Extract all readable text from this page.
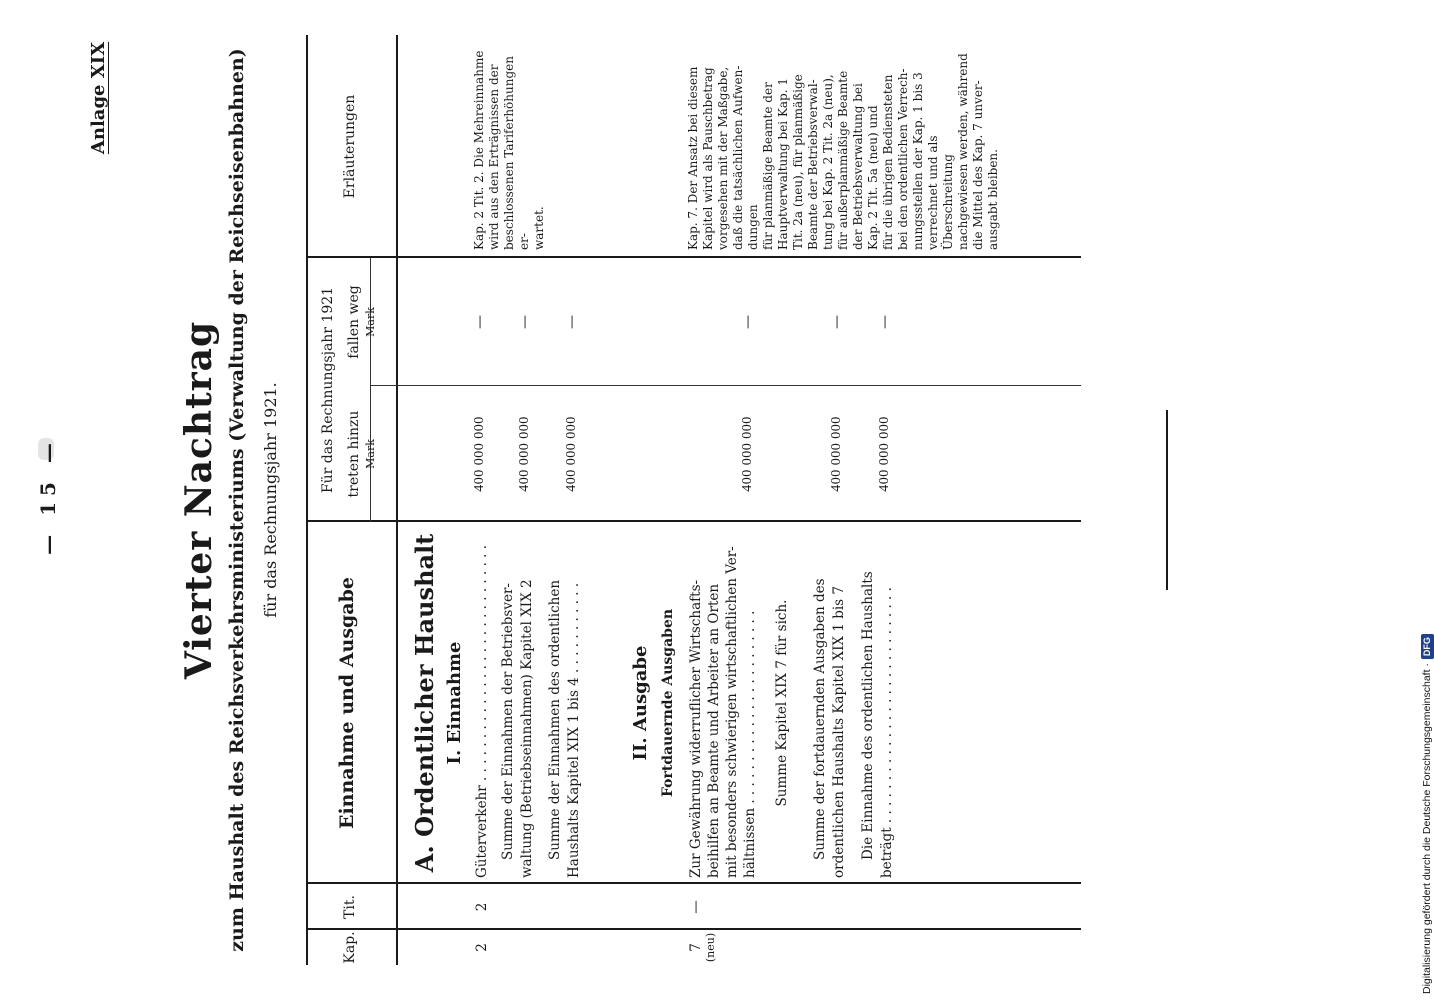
— 15 —
Anlage XIX
Vierter Nachtrag zum Haushalt des Reichsverkehrsministeriums (Verwaltung der Reichseisenbahnen) für das Rechnungsjahr 1921.
Kap.
Tit.
Einnahme und Ausgabe
Für das Rechnungsjahr 1921 treten hinzu Mark
fallen weg Mark
Erläuterungen
A. Ordentlicher Haushalt I. Einnahme
2
2
Güterverkehr . . . . . . . . . . . . . . . . . . . . . . . . . . . .
400 000 000
—
Summe der Einnahmen der Betriebsver- waltung (Betriebseinnahmen) Kapitel XIX 2
400 000 000
—
Summe der Einnahmen des ordentlichen Haushalts Kapitel XIX 1 bis 4 . . . . . . . . . . .
400 000 000
—
II. Ausgabe Fortdauernde Ausgaben
7 (neu)
—
Zur Gewährung widerruflicher Wirtschafts- beihilfen an Beamte und Arbeiter an Orten mit besonders schwierigen wirtschaftlichen Ver- hältnissen . . . . . . . . . . . . . . . . . . . . . . .
400 000 000
—
Summe Kapitel XIX 7 für sich. Summe der fortdauernden Ausgaben des ordentlichen Haushalts Kapitel XIX 1 bis 7
400 000 000
—
Die Einnahme des ordentlichen Haushalts beträgt . . . . . . . . . . . . . . . . . . . . . . . . . . . .
400 000 000
—
Kap. 2 Tit. 2. Die Mehreinnahme wird aus den Erträgnissen der beschlossenen Tariferhöhungen er- wartet.	Kap. 7. Der Ansatz bei diesem Kapitel wird als Pauschbetrag vorgesehen mit der Maßgabe, daß die tatsächlichen Aufwen- dungen für planmäßige Beamte der Hauptverwaltung bei Kap. 1 Tit. 2a (neu), für planmäßige Beamte der Betriebsverwal- tung bei Kap. 2 Tit. 2a (neu), für außerplanmäßige Beamte der Betriebsverwaltung bei Kap. 2 Tit. 5a (neu) und für die übrigen Bediensteten bei den ordentlichen Verrech- nungsstellen der Kap. 1 bis 3 verrechnet und als Überschreitung nachgewiesen werden, während die Mittel des Kap. 7 unver- ausgabt bleiben.
Digitalisierung gefördert durch die Deutsche Forschungsgemeinschaft ·DFG
